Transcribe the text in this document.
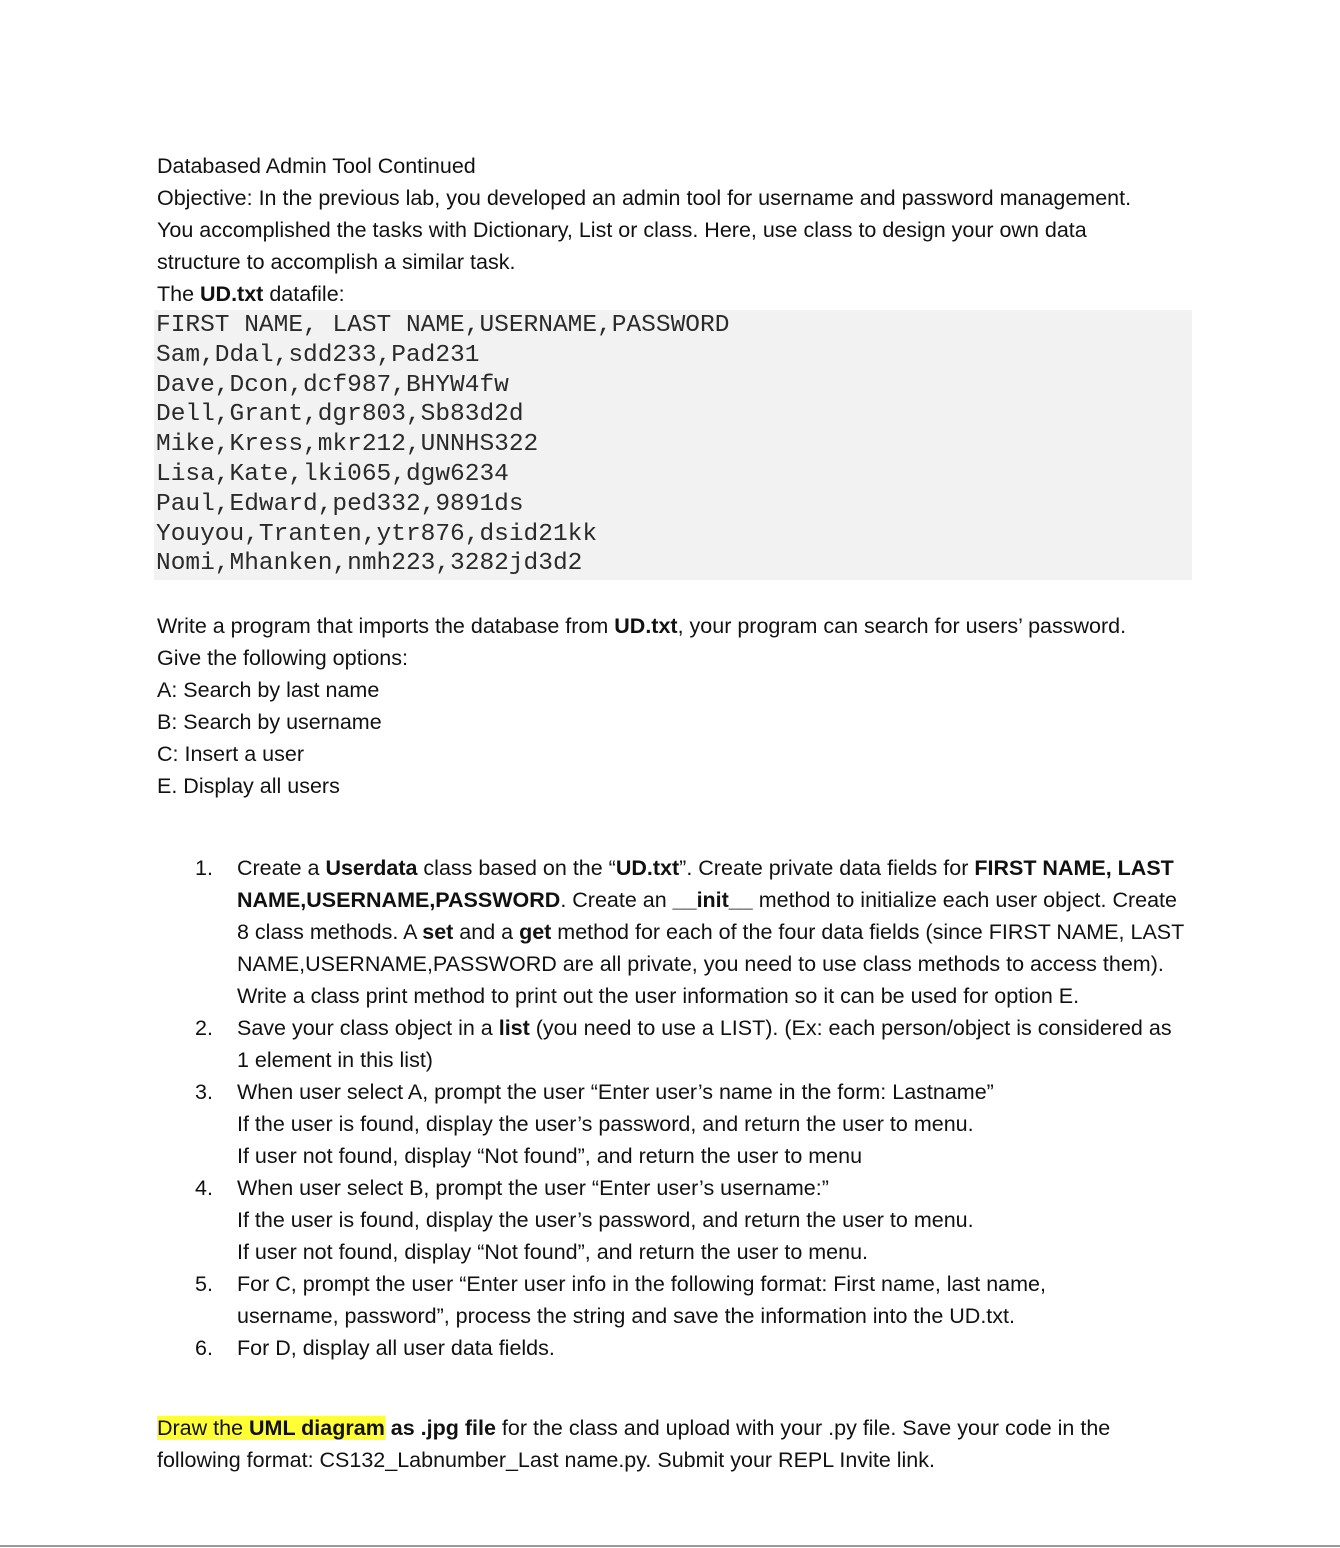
Databased Admin Tool Continued
Objective: In the previous lab, you developed an admin tool for username and password management.
You accomplished the tasks with Dictionary, List or class. Here, use class to design your own data
structure to accomplish a similar task.
The UD.txt datafile:
FIRST NAME, LAST NAME,USERNAME,PASSWORD
Sam,Ddal,sdd233,Pad231
Dave,Dcon,dcf987,BHYW4fw
Dell,Grant,dgr803,Sb83d2d
Mike,Kress,mkr212,UNNHS322
Lisa,Kate,lki065,dgw6234
Paul,Edward,ped332,9891ds
Youyou,Tranten,ytr876,dsid21kk
Nomi,Mhanken,nmh223,3282jd3d2
Write a program that imports the database from UD.txt, your program can search for users’ password.
Give the following options:
A: Search by last name
B: Search by username
C: Insert a user
E. Display all users
1. Create a Userdata class based on the “UD.txt”. Create private data fields for FIRST NAME, LAST
NAME,USERNAME,PASSWORD. Create an __init__ method to initialize each user object. Create
8 class methods. A set and a get method for each of the four data fields (since FIRST NAME, LAST
NAME,USERNAME,PASSWORD are all private, you need to use class methods to access them).
Write a class print method to print out the user information so it can be used for option E.
2. Save your class object in a list (you need to use a LIST). (Ex: each person/object is considered as
1 element in this list)
3. When user select A, prompt the user “Enter user’s name in the form: Lastname”
If the user is found, display the user’s password, and return the user to menu.
If user not found, display “Not found”, and return the user to menu
4. When user select B, prompt the user “Enter user’s username:”
If the user is found, display the user’s password, and return the user to menu.
If user not found, display “Not found”, and return the user to menu.
5. For C, prompt the user “Enter user info in the following format: First name, last name,
username, password”, process the string and save the information into the UD.txt.
6. For D, display all user data fields.
Draw the UML diagram as .jpg file for the class and upload with your .py file. Save your code in the
following format: CS132_Labnumber_Last name.py. Submit your REPL Invite link.
